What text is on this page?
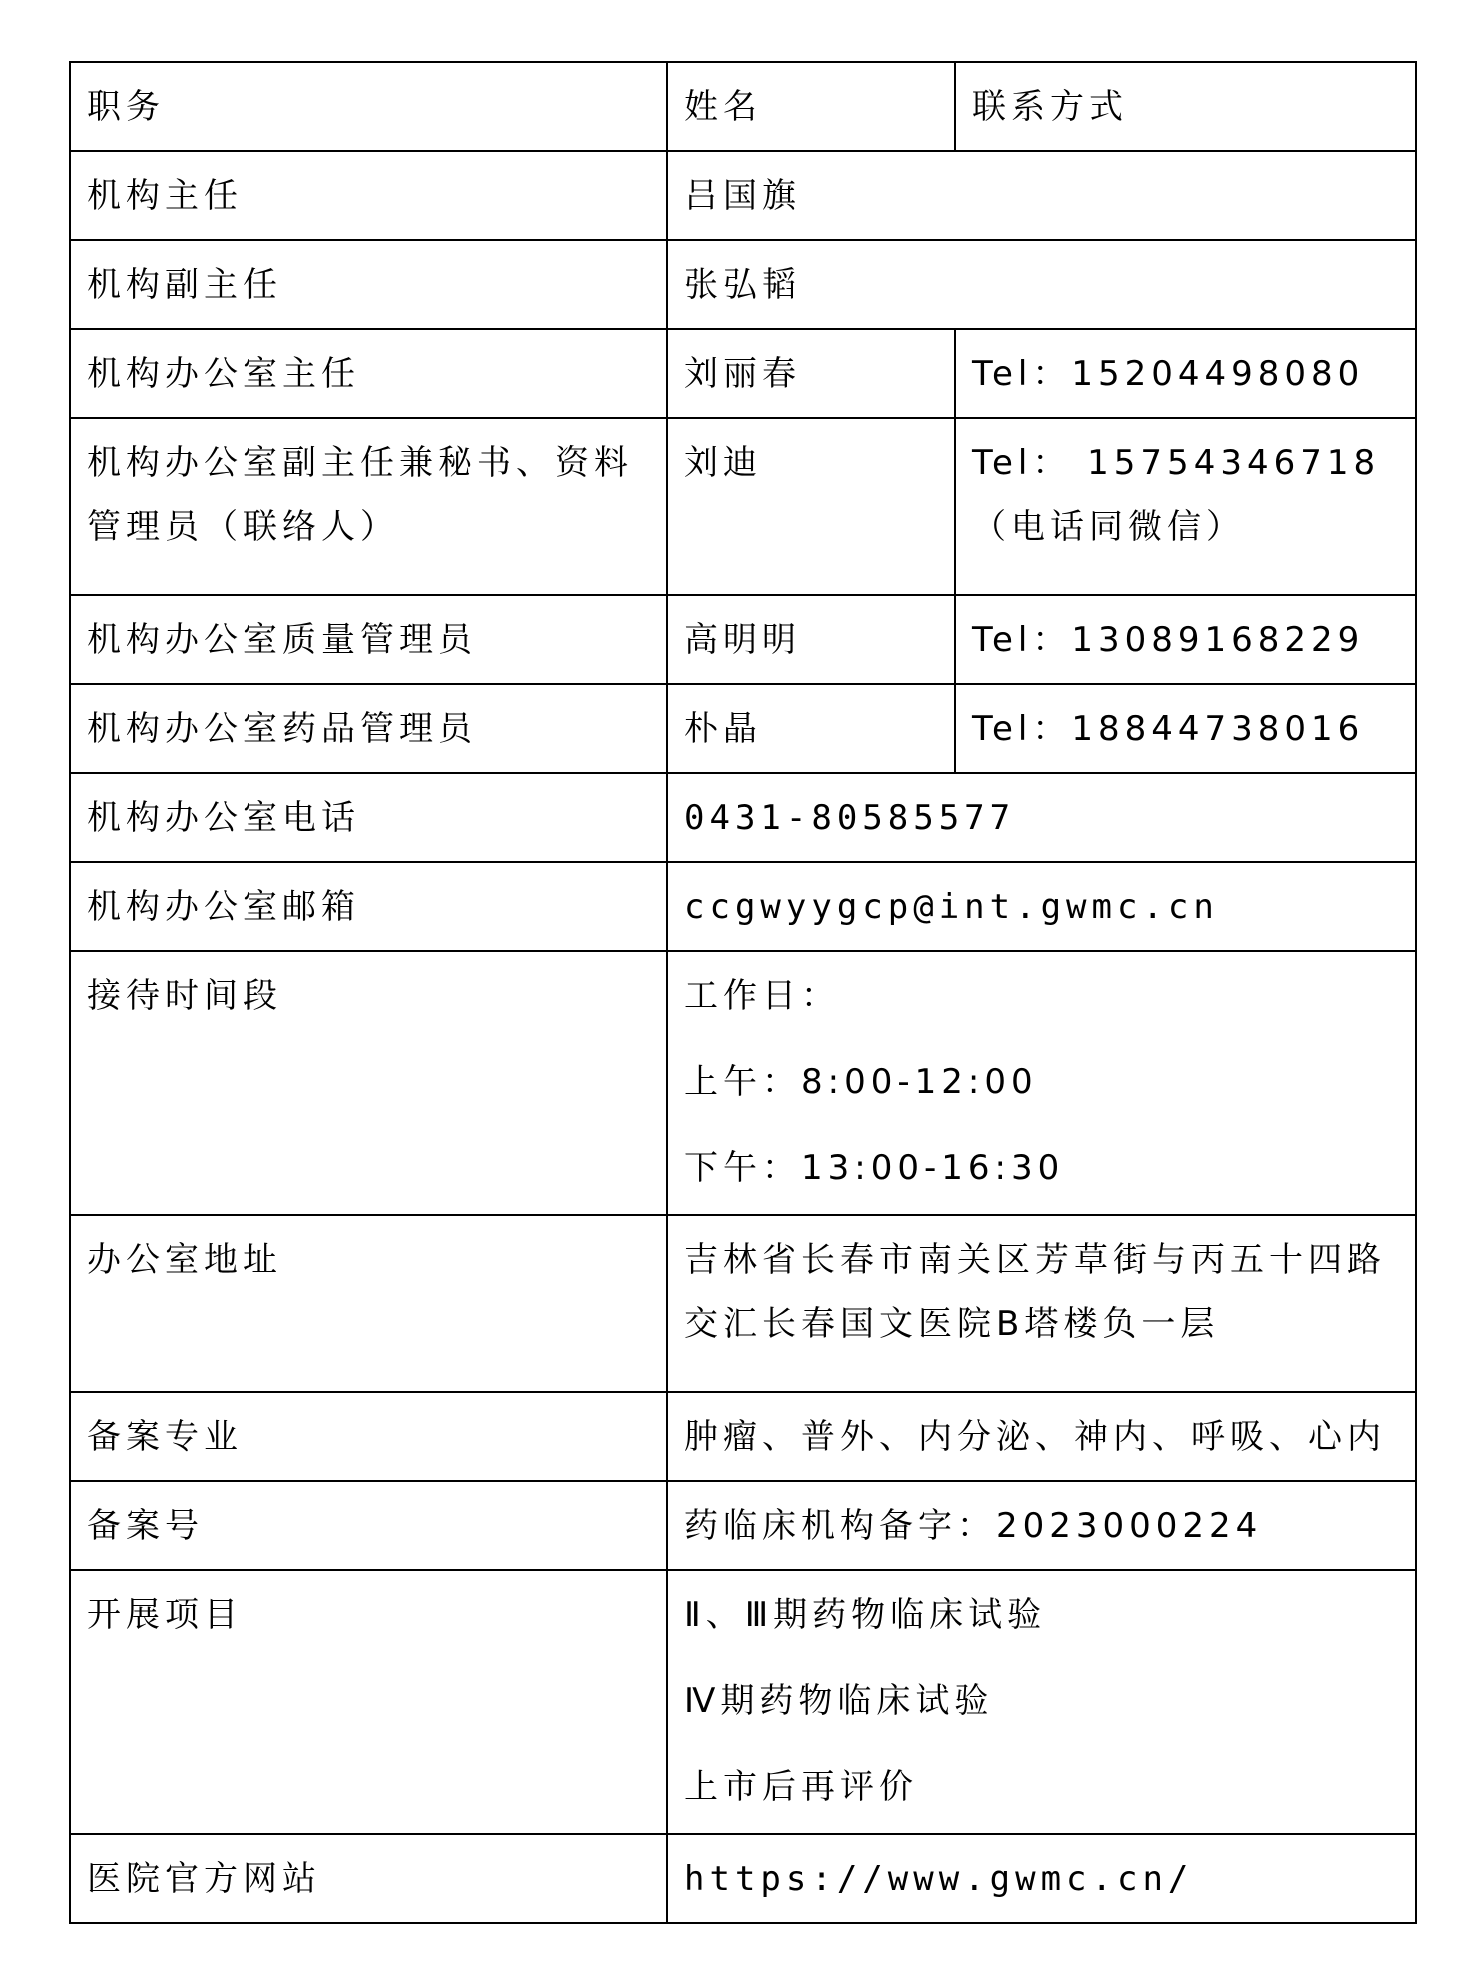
职务	姓名	联系方式
机构主任	吕国旗	
机构副主任	张弘韬	
机构办公室主任	刘丽春	Tel：15204498080
机构办公室副主任兼秘书、资料管理员（联络人）	刘迪	Tel： 15754346718（电话同微信）
机构办公室质量管理员	高明明	Tel：13089168229
机构办公室药品管理员	朴晶	Tel：18844738016
机构办公室电话	0431-80585577	
机构办公室邮箱	ccgwyygcp@int.gwmc.cn	
接待时间段	工作日：
上午：8:00-12:00
下午：13:00-16:30	

办公室地址	吉林省长春市南关区芳草街与丙五十四路交汇长春国文医院B塔楼负一层	
备案专业	肿瘤、普外、内分泌、神内、呼吸、心内	
备案号	药临床机构备字：2023000224	
开展项目	Ⅱ、Ⅲ期药物临床试验
Ⅳ期药物临床试验
上市后再评价	

医院官方网站	https://www.gwmc.cn/	
